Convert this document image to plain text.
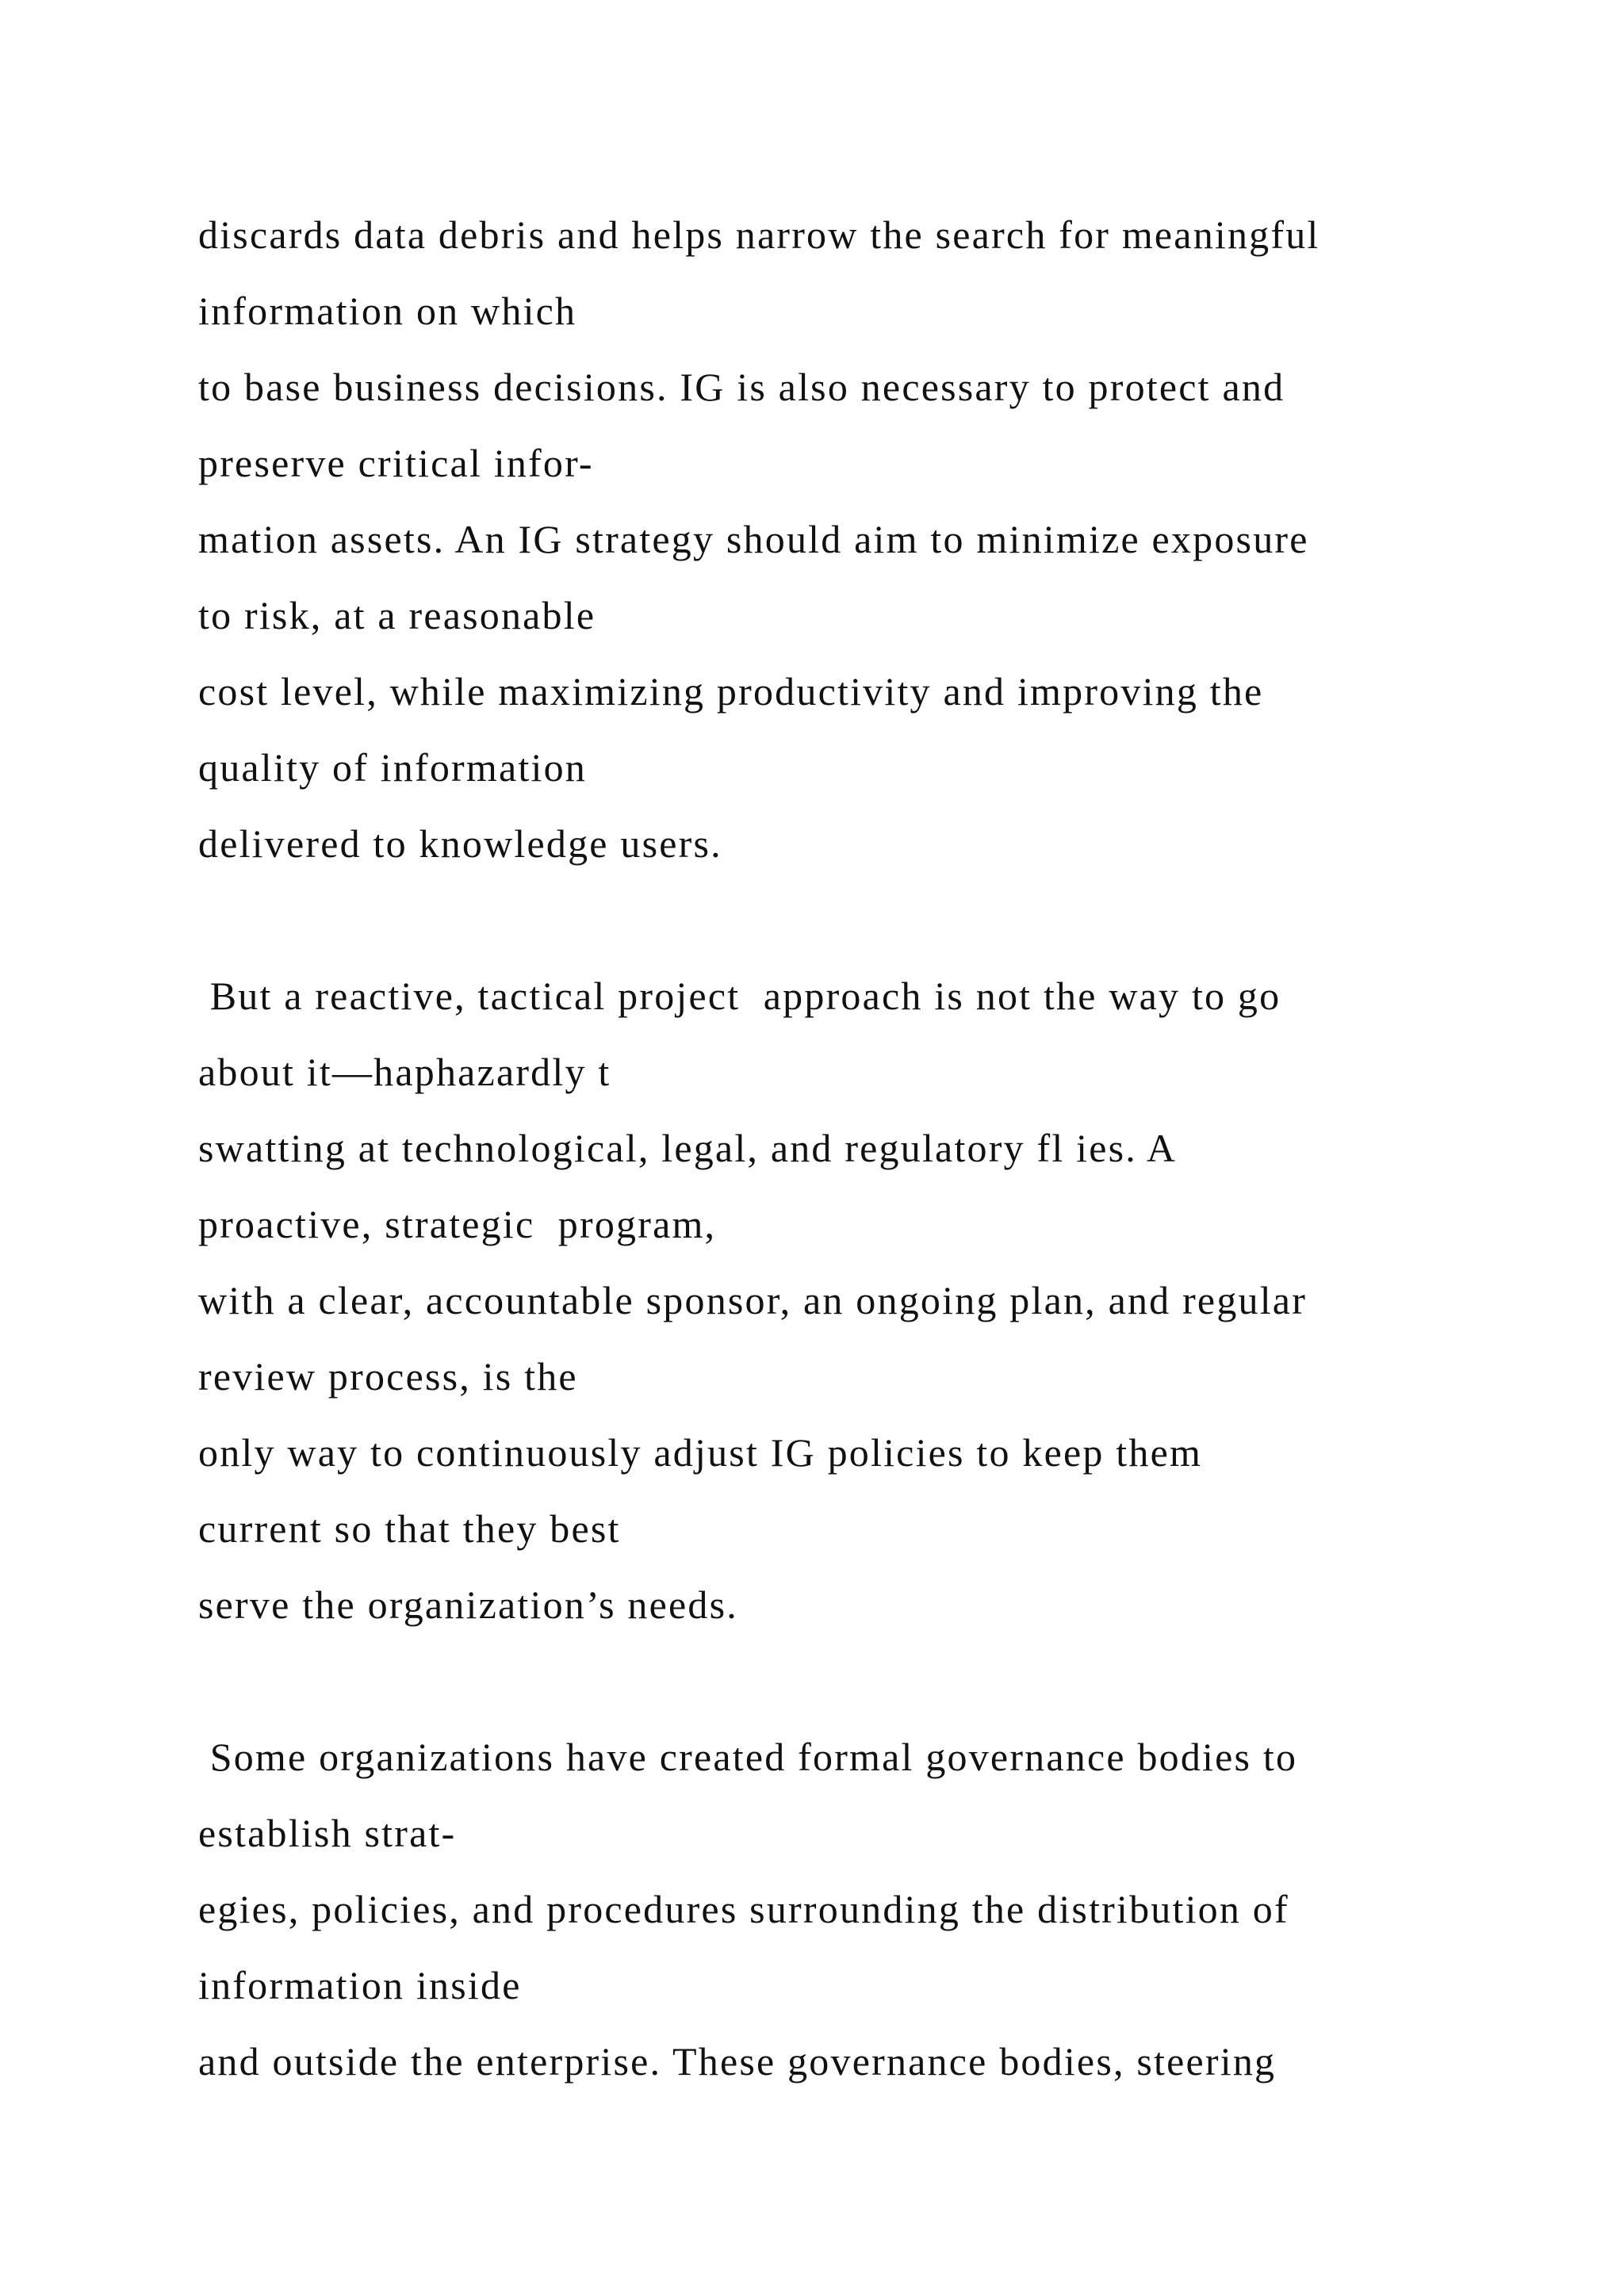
discards data debris and helps narrow the search for meaningful
information on which
to base business decisions. IG is also necessary to protect and
preserve critical infor-
mation assets. An IG strategy should aim to minimize exposure
to risk, at a reasonable
cost level, while maximizing productivity and improving the
quality of information
delivered to knowledge users.
But a reactive, tactical project  approach is not the way to go
about it—haphazardly t
swatting at technological, legal, and regulatory fl ies. A
proactive, strategic  program,
with a clear, accountable sponsor, an ongoing plan, and regular
review process, is the
only way to continuously adjust IG policies to keep them
current so that they best
serve the organization’s needs.
Some organizations have created formal governance bodies to
establish strat-
egies, policies, and procedures surrounding the distribution of
information inside
and outside the enterprise. These governance bodies, steering
